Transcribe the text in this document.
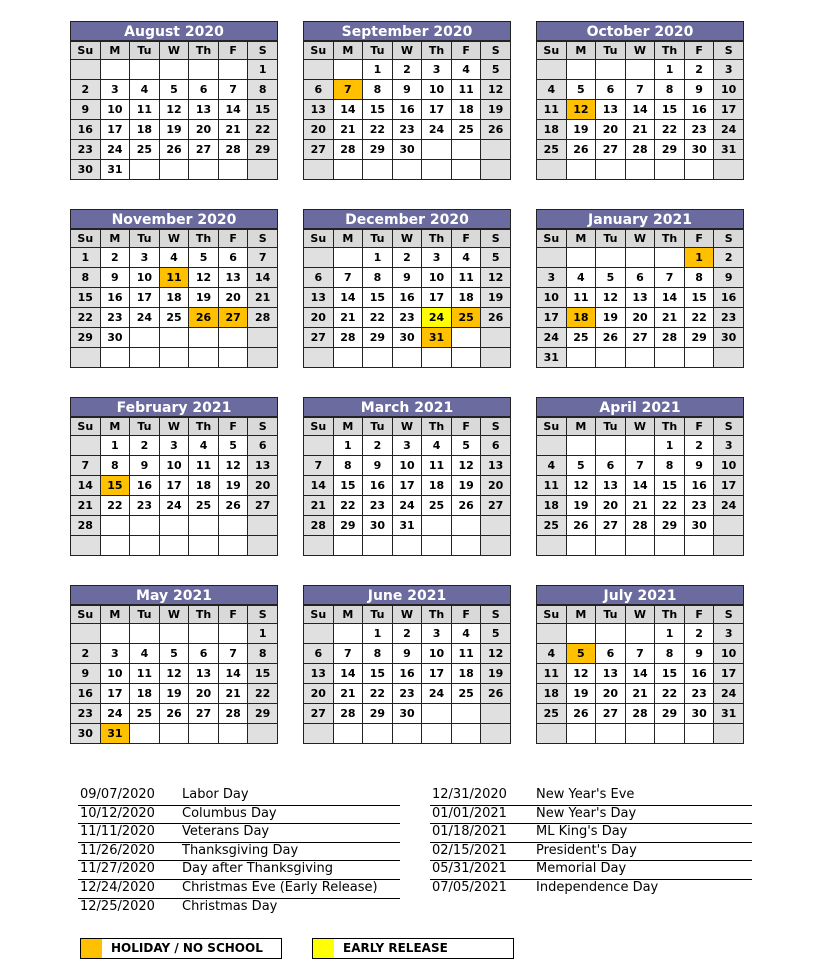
August 2020
Su	M	Tu	W	Th	F	S
						1
2	3	4	5	6	7	8
9	10	11	12	13	14	15
16	17	18	19	20	21	22
23	24	25	26	27	28	29
30	31					
September 2020
Su	M	Tu	W	Th	F	S
		1	2	3	4	5
6	7	8	9	10	11	12
13	14	15	16	17	18	19
20	21	22	23	24	25	26
27	28	29	30			

October 2020
Su	M	Tu	W	Th	F	S
				1	2	3
4	5	6	7	8	9	10
11	12	13	14	15	16	17
18	19	20	21	22	23	24
25	26	27	28	29	30	31

November 2020
Su	M	Tu	W	Th	F	S
1	2	3	4	5	6	7
8	9	10	11	12	13	14
15	16	17	18	19	20	21
22	23	24	25	26	27	28
29	30					

December 2020
Su	M	Tu	W	Th	F	S
		1	2	3	4	5
6	7	8	9	10	11	12
13	14	15	16	17	18	19
20	21	22	23	24	25	26
27	28	29	30	31		

January 2021
Su	M	Tu	W	Th	F	S
					1	2
3	4	5	6	7	8	9
10	11	12	13	14	15	16
17	18	19	20	21	22	23
24	25	26	27	28	29	30
31						
February 2021
Su	M	Tu	W	Th	F	S
	1	2	3	4	5	6
7	8	9	10	11	12	13
14	15	16	17	18	19	20
21	22	23	24	25	26	27
28						

March 2021
Su	M	Tu	W	Th	F	S
	1	2	3	4	5	6
7	8	9	10	11	12	13
14	15	16	17	18	19	20
21	22	23	24	25	26	27
28	29	30	31			

April 2021
Su	M	Tu	W	Th	F	S
				1	2	3
4	5	6	7	8	9	10
11	12	13	14	15	16	17
18	19	20	21	22	23	24
25	26	27	28	29	30	

May 2021
Su	M	Tu	W	Th	F	S
						1
2	3	4	5	6	7	8
9	10	11	12	13	14	15
16	17	18	19	20	21	22
23	24	25	26	27	28	29
30	31					
June 2021
Su	M	Tu	W	Th	F	S
		1	2	3	4	5
6	7	8	9	10	11	12
13	14	15	16	17	18	19
20	21	22	23	24	25	26
27	28	29	30			

July 2021
Su	M	Tu	W	Th	F	S
				1	2	3
4	5	6	7	8	9	10
11	12	13	14	15	16	17
18	19	20	21	22	23	24
25	26	27	28	29	30	31

09/07/2020 Labor Day
10/12/2020 Columbus Day
11/11/2020 Veterans Day
11/26/2020 Thanksgiving Day
11/27/2020 Day after Thanksgiving
12/24/2020 Christmas Eve (Early Release)
12/25/2020 Christmas Day
12/31/2020 New Year's Eve
01/01/2021 New Year's Day
01/18/2021 ML King's Day
02/15/2021 President's Day
05/31/2021 Memorial Day
07/05/2021 Independence Day
HOLIDAY / NO SCHOOL	EARLY RELEASE
